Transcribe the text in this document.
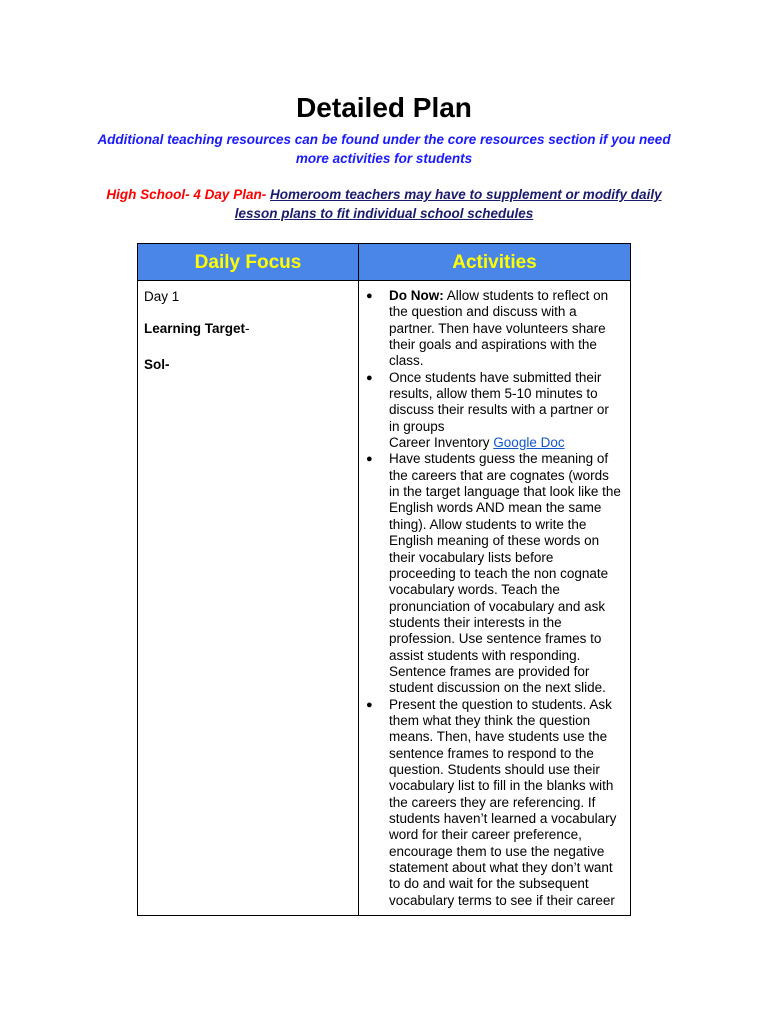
Detailed Plan
Additional teaching resources can be found under the core resources section if you need more activities for students
High School- 4 Day Plan- Homeroom teachers may have to supplement or modify daily lesson plans to fit individual school schedules
Daily Focus	Activities
Day 1
Learning Target-
Sol-
● Do Now: Allow students to reflect on the question and discuss with a partner. Then have volunteers share their goals and aspirations with the class.
● Once students have submitted their results, allow them 5-10 minutes to discuss their results with a partner or in groups
Career Inventory Google Doc
● Have students guess the meaning of the careers that are cognates (words in the target language that look like the English words AND mean the same thing). Allow students to write the English meaning of these words on their vocabulary lists before proceeding to teach the non cognate vocabulary words. Teach the pronunciation of vocabulary and ask students their interests in the profession. Use sentence frames to assist students with responding. Sentence frames are provided for student discussion on the next slide.
● Present the question to students. Ask them what they think the question means. Then, have students use the sentence frames to respond to the question. Students should use their vocabulary list to fill in the blanks with the careers they are referencing. If students haven’t learned a vocabulary word for their career preference, encourage them to use the negative statement about what they don’t want to do and wait for the subsequent vocabulary terms to see if their career
